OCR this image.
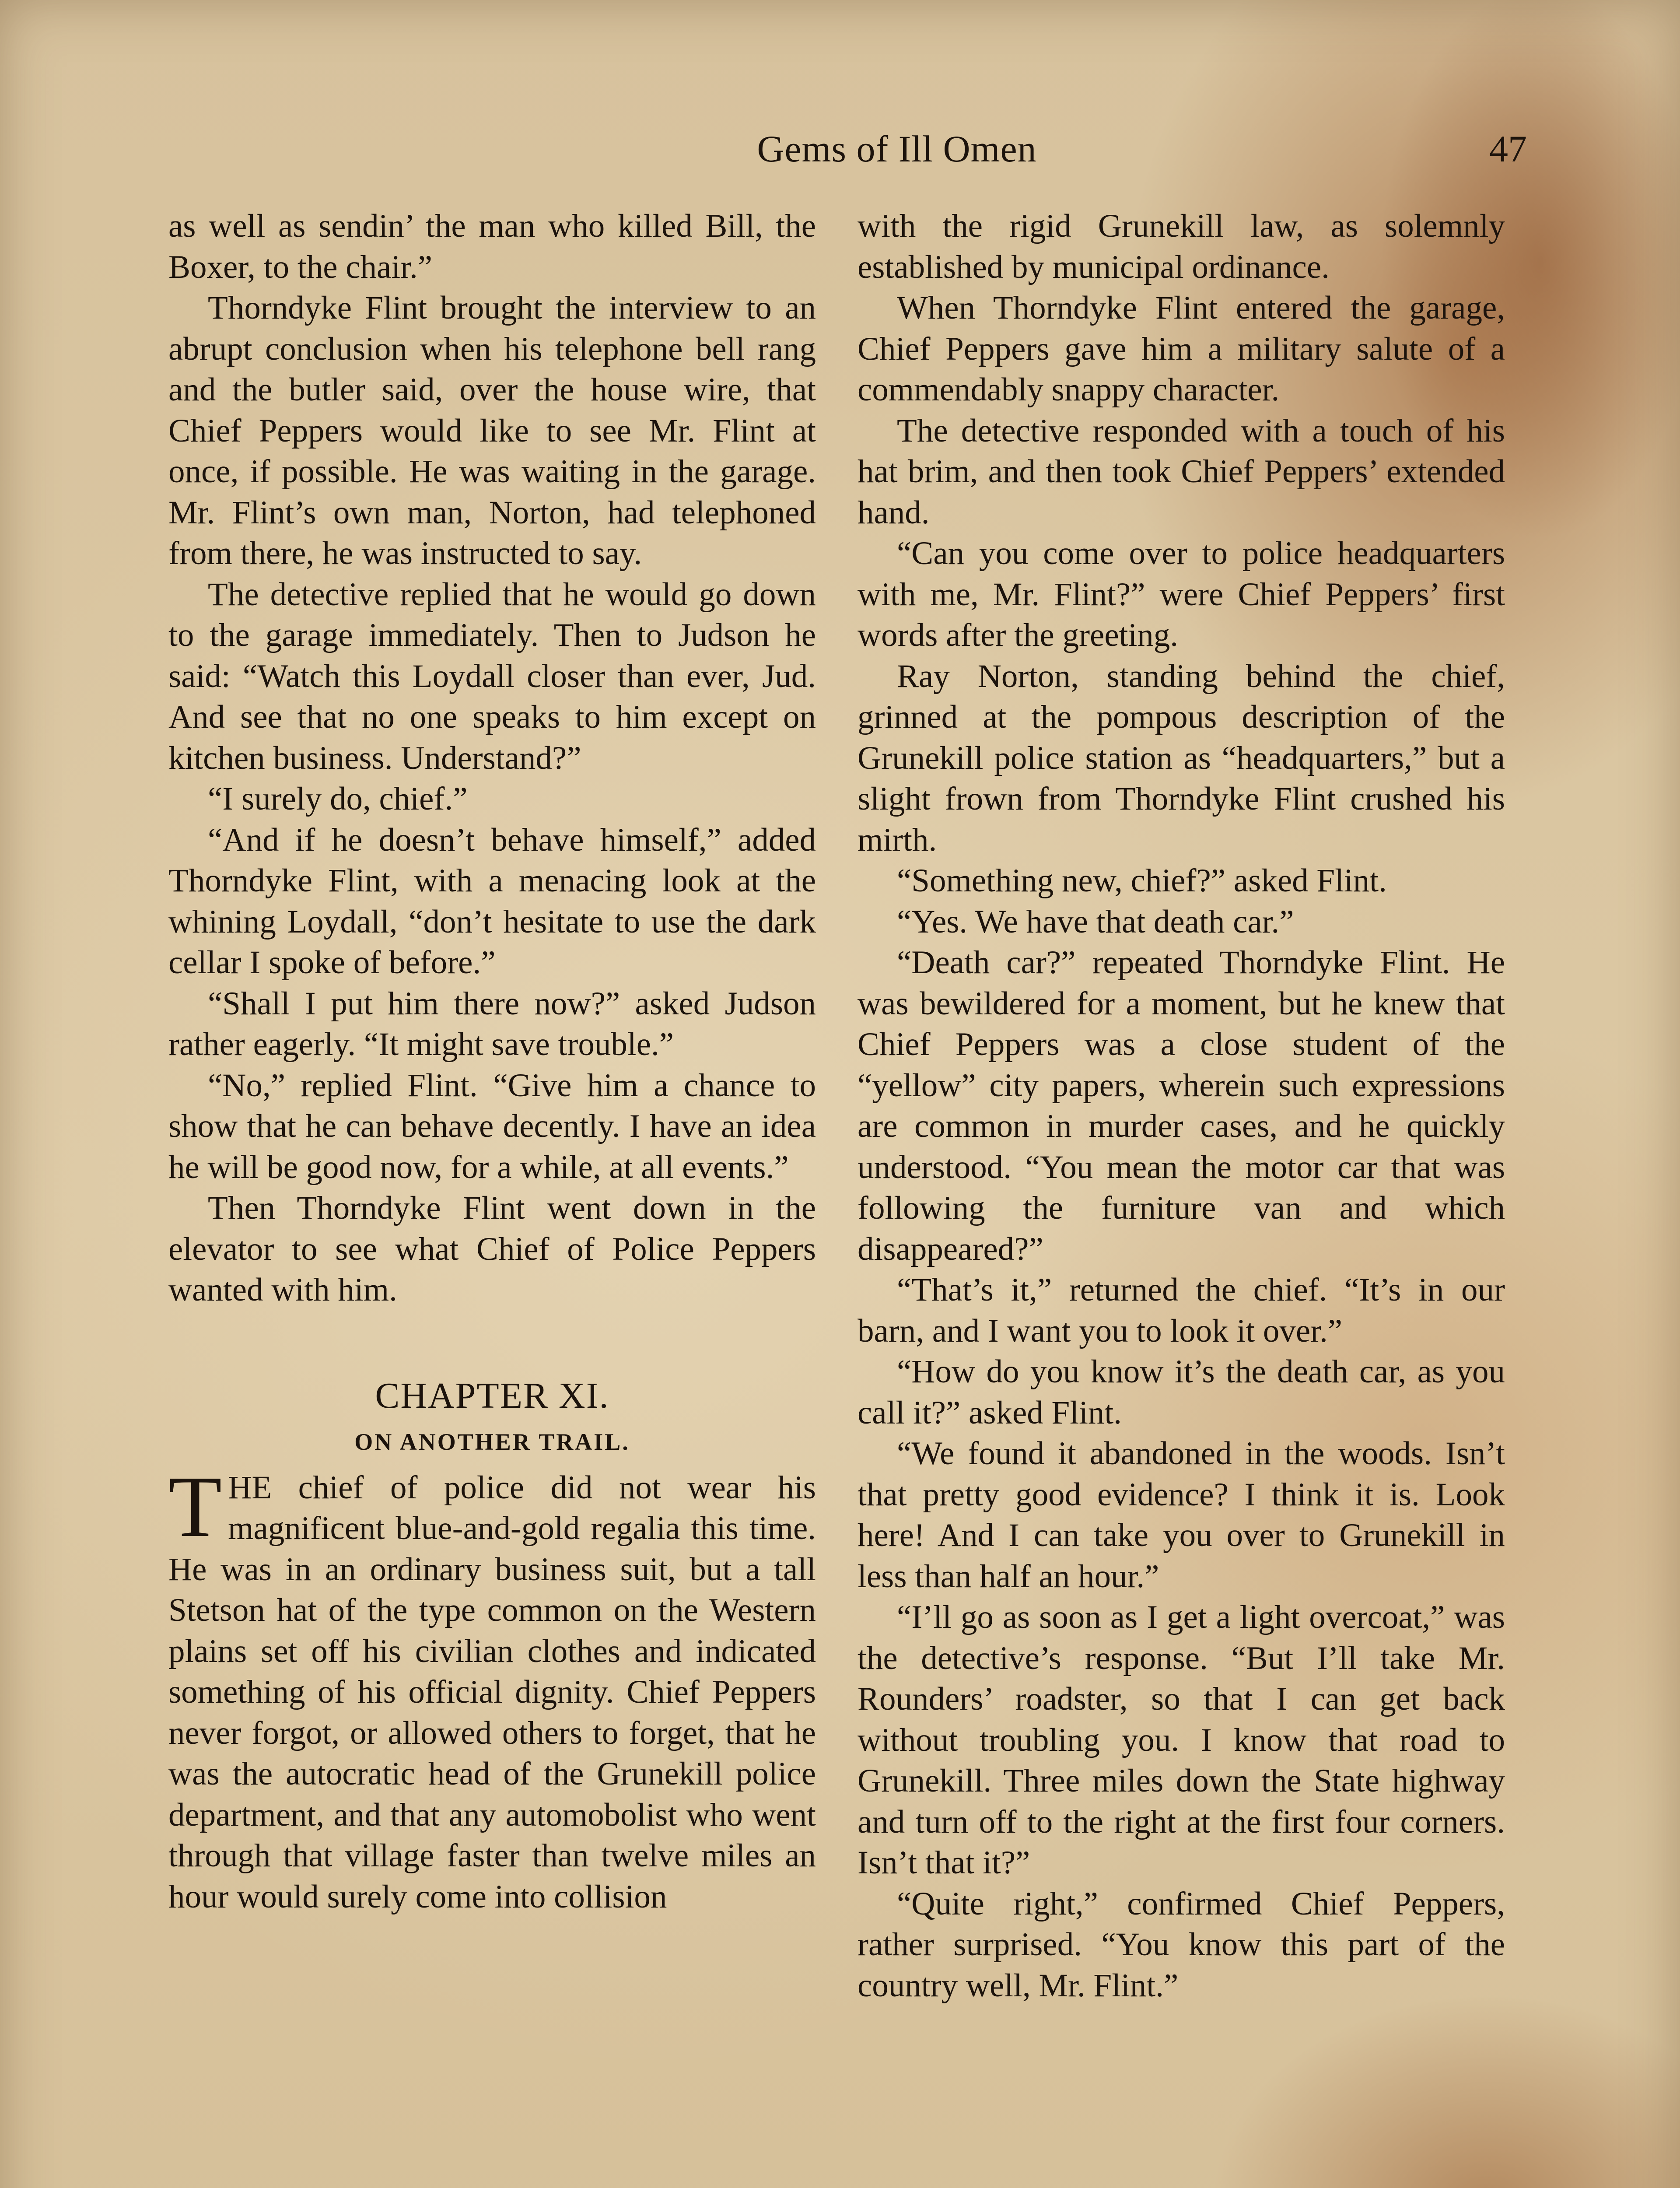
Gems of Ill Omen	47

as well as sendin’ the man who killed Bill, the Boxer, to the chair.”

Thorndyke Flint brought the interview to an abrupt conclusion when his telephone bell rang and the butler said, over the house wire, that Chief Peppers would like to see Mr. Flint at once, if possible. He was waiting in the garage. Mr. Flint’s own man, Norton, had telephoned from there, he was instructed to say.

The detective replied that he would go down to the garage immediately. Then to Judson he said: “Watch this Loydall closer than ever, Jud. And see that no one speaks to him except on kitchen business. Understand?”

“I surely do, chief.”

“And if he doesn’t behave himself,” added Thorndyke Flint, with a menacing look at the whining Loydall, “don’t hesitate to use the dark cellar I spoke of before.”

“Shall I put him there now?” asked Judson rather eagerly. “It might save trouble.”

“No,” replied Flint. “Give him a chance to show that he can behave decently. I have an idea he will be good now, for a while, at all events.”

Then Thorndyke Flint went down in the elevator to see what Chief of Police Peppers wanted with him.

CHAPTER XI.
ON ANOTHER TRAIL.

THE chief of police did not wear his magnificent blue-and-gold regalia this time. He was in an ordinary business suit, but a tall Stetson hat of the type common on the Western plains set off his civilian clothes and indicated something of his official dignity. Chief Peppers never forgot, or allowed others to forget, that he was the autocratic head of the Grunekill police department, and that any automobolist who went through that village faster than twelve miles an hour would surely come into collision

with the rigid Grunekill law, as solemnly established by municipal ordinance.

When Thorndyke Flint entered the garage, Chief Peppers gave him a military salute of a commendably snappy character.

The detective responded with a touch of his hat brim, and then took Chief Peppers’ extended hand.

“Can you come over to police headquarters with me, Mr. Flint?” were Chief Peppers’ first words after the greeting.

Ray Norton, standing behind the chief, grinned at the pompous description of the Grunekill police station as “headquarters,” but a slight frown from Thorndyke Flint crushed his mirth.

“Something new, chief?” asked Flint.

“Yes. We have that death car.”

“Death car?” repeated Thorndyke Flint. He was bewildered for a moment, but he knew that Chief Peppers was a close student of the “yellow” city papers, wherein such expressions are common in murder cases, and he quickly understood. “You mean the motor car that was following the furniture van and which disappeared?”

“That’s it,” returned the chief. “It’s in our barn, and I want you to look it over.”

“How do you know it’s the death car, as you call it?” asked Flint.

“We found it abandoned in the woods. Isn’t that pretty good evidence? I think it is. Look here! And I can take you over to Grunekill in less than half an hour.”

“I’ll go as soon as I get a light overcoat,” was the detective’s response. “But I’ll take Mr. Rounders’ roadster, so that I can get back without troubling you. I know that road to Grunekill. Three miles down the State highway and turn off to the right at the first four corners. Isn’t that it?”

“Quite right,” confirmed Chief Peppers, rather surprised. “You know this part of the country well, Mr. Flint.”
